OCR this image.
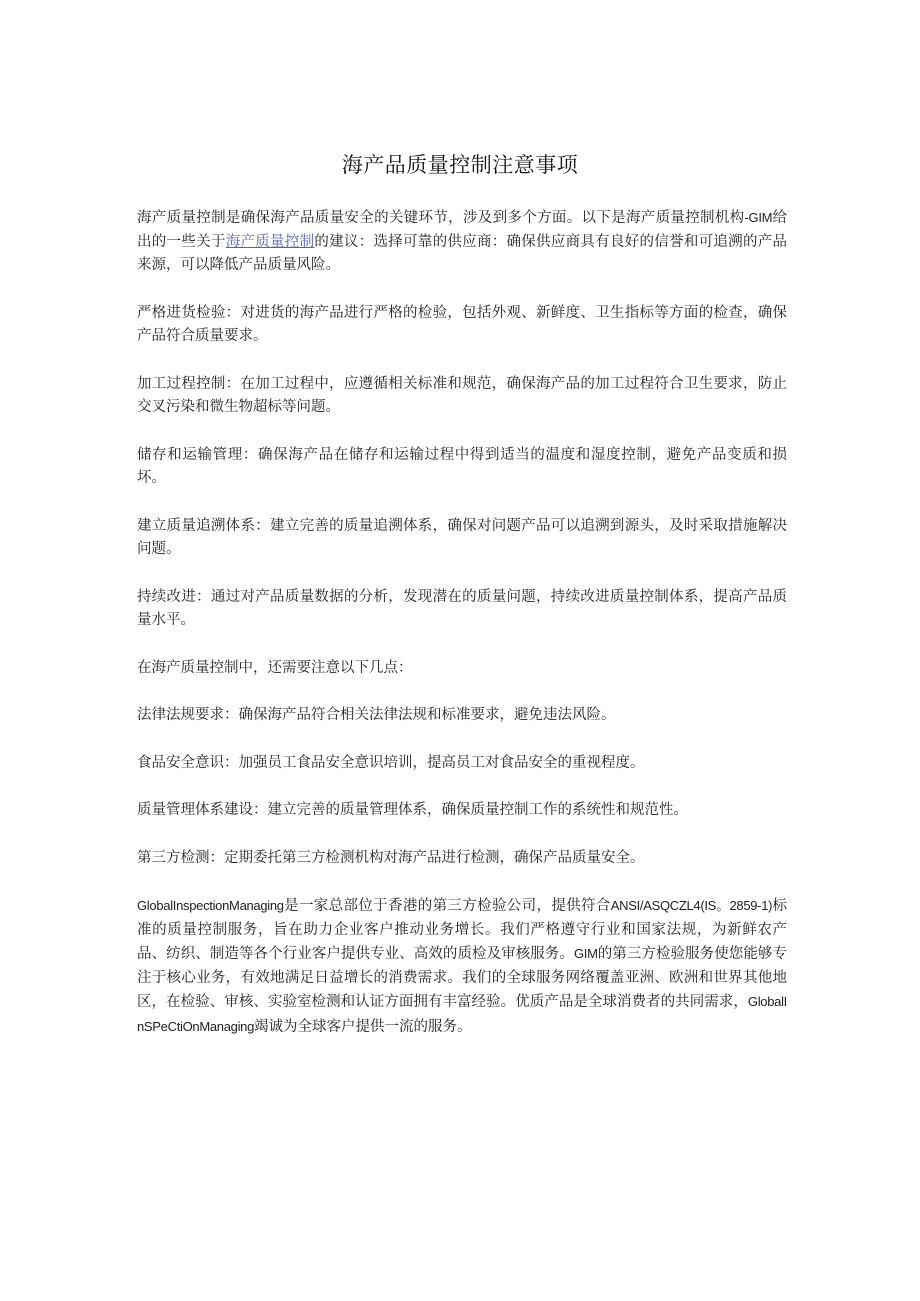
海产品质量控制注意事项

海产质量控制是确保海产品质量安全的关键环节，涉及到多个方面。以下是海产质量控制机构-GIM给出的一些关于海产质量控制的建议：选择可靠的供应商：确保供应商具有良好的信誉和可追溯的产品来源，可以降低产品质量风险。

严格进货检验：对进货的海产品进行严格的检验，包括外观、新鲜度、卫生指标等方面的检查，确保产品符合质量要求。

加工过程控制：在加工过程中，应遵循相关标准和规范，确保海产品的加工过程符合卫生要求，防止交叉污染和微生物超标等问题。

储存和运输管理：确保海产品在储存和运输过程中得到适当的温度和湿度控制，避免产品变质和损坏。

建立质量追溯体系：建立完善的质量追溯体系，确保对问题产品可以追溯到源头，及时采取措施解决问题。

持续改进：通过对产品质量数据的分析，发现潜在的质量问题，持续改进质量控制体系，提高产品质量水平。

在海产质量控制中，还需要注意以下几点：

法律法规要求：确保海产品符合相关法律法规和标准要求，避免违法风险。

食品安全意识：加强员工食品安全意识培训，提高员工对食品安全的重视程度。

质量管理体系建设：建立完善的质量管理体系，确保质量控制工作的系统性和规范性。

第三方检测：定期委托第三方检测机构对海产品进行检测，确保产品质量安全。

GlobalInspectionManaging是一家总部位于香港的第三方检验公司，提供符合ANSI/ASQCZL4(IS。2859-1)标准的质量控制服务，旨在助力企业客户推动业务增长。我们严格遵守行业和国家法规，为新鲜农产品、纺织、制造等各个行业客户提供专业、高效的质检及审核服务。GIM的第三方检验服务使您能够专注于核心业务，有效地满足日益增长的消费需求。我们的全球服务网络覆盖亚洲、欧洲和世界其他地区，在检验、审核、实验室检测和认证方面拥有丰富经验。优质产品是全球消费者的共同需求，GlobalInSPeCtiOnManaging竭诚为全球客户提供一流的服务。
